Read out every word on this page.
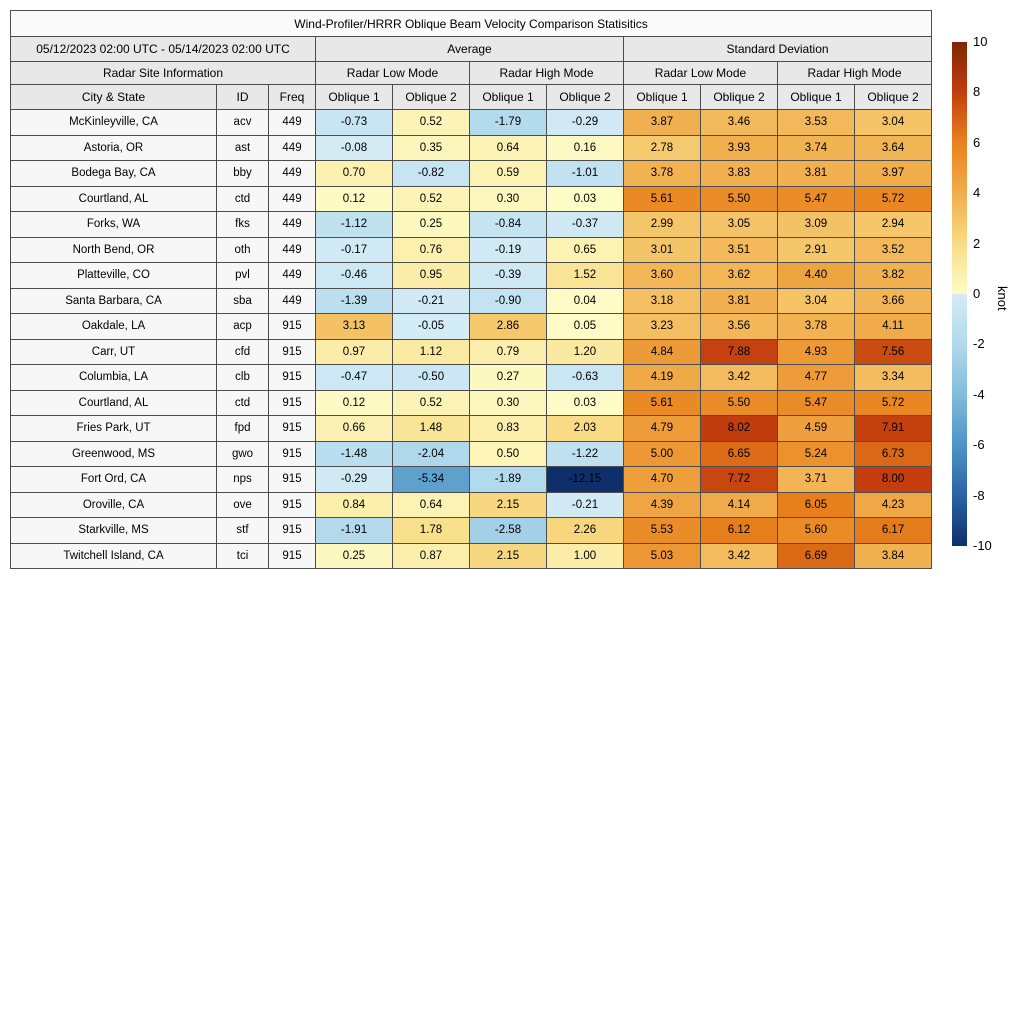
Wind-Profiler/HRRR Oblique Beam Velocity Comparison Statisitics										
05/12/2023 02:00 UTC - 05/14/2023 02:00 UTC			Average				Standard Deviation			
Radar Site Information			Radar Low Mode		Radar High Mode		Radar Low Mode		Radar High Mode	
City & State	ID	Freq	Oblique 1	Oblique 2	Oblique 1	Oblique 2	Oblique 1	Oblique 2	Oblique 1	Oblique 2
McKinleyville, CA	acv	449	-0.73	0.52	-1.79	-0.29	3.87	3.46	3.53	3.04
Astoria, OR	ast	449	-0.08	0.35	0.64	0.16	2.78	3.93	3.74	3.64
Bodega Bay, CA	bby	449	0.70	-0.82	0.59	-1.01	3.78	3.83	3.81	3.97
Courtland, AL	ctd	449	0.12	0.52	0.30	0.03	5.61	5.50	5.47	5.72
Forks, WA	fks	449	-1.12	0.25	-0.84	-0.37	2.99	3.05	3.09	2.94
North Bend, OR	oth	449	-0.17	0.76	-0.19	0.65	3.01	3.51	2.91	3.52
Platteville, CO	pvl	449	-0.46	0.95	-0.39	1.52	3.60	3.62	4.40	3.82
Santa Barbara, CA	sba	449	-1.39	-0.21	-0.90	0.04	3.18	3.81	3.04	3.66
Oakdale, LA	acp	915	3.13	-0.05	2.86	0.05	3.23	3.56	3.78	4.11
Carr, UT	cfd	915	0.97	1.12	0.79	1.20	4.84	7.88	4.93	7.56
Columbia, LA	clb	915	-0.47	-0.50	0.27	-0.63	4.19	3.42	4.77	3.34
Courtland, AL	ctd	915	0.12	0.52	0.30	0.03	5.61	5.50	5.47	5.72
Fries Park, UT	fpd	915	0.66	1.48	0.83	2.03	4.79	8.02	4.59	7.91
Greenwood, MS	gwo	915	-1.48	-2.04	0.50	-1.22	5.00	6.65	5.24	6.73
Fort Ord, CA	nps	915	-0.29	-5.34	-1.89	-12.15	4.70	7.72	3.71	8.00
Oroville, CA	ove	915	0.84	0.64	2.15	-0.21	4.39	4.14	6.05	4.23
Starkville, MS	stf	915	-1.91	1.78	-2.58	2.26	5.53	6.12	5.60	6.17
Twitchell Island, CA	tci	915	0.25	0.87	2.15	1.00	5.03	3.42	6.69	3.84
10
8
6
4
2
0
-2
-4
-6
-8
-10
knot
